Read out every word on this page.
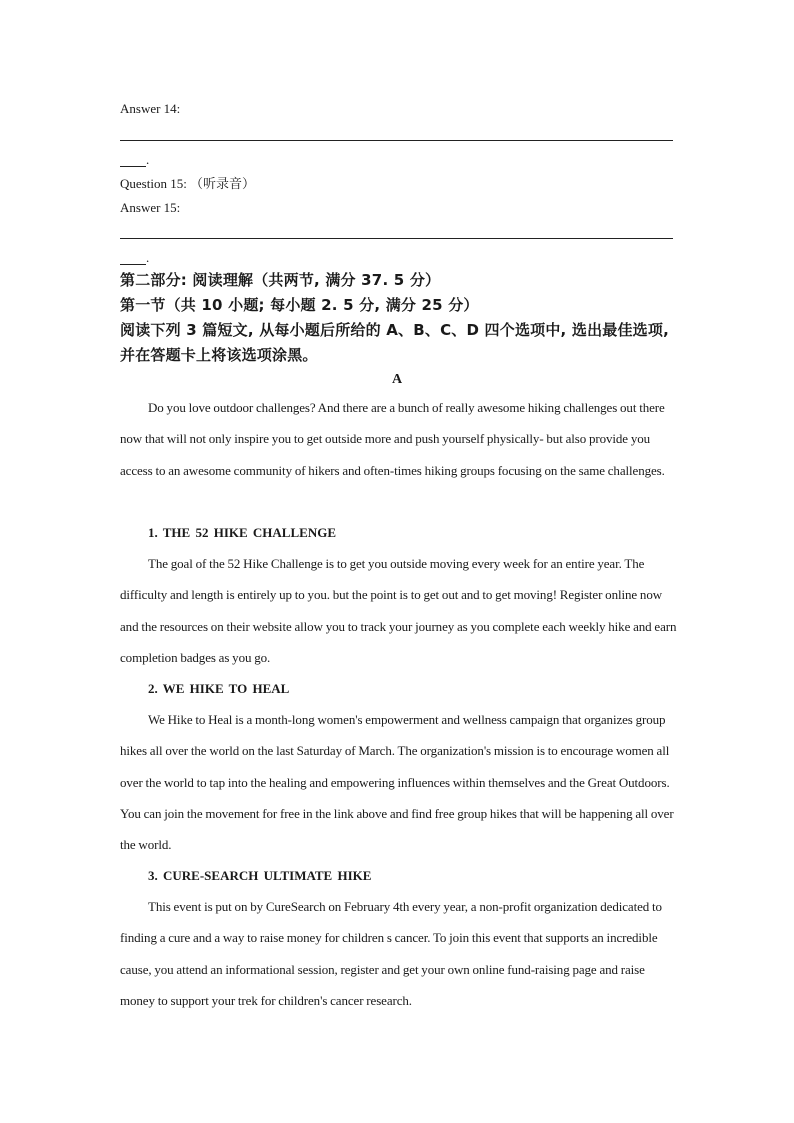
Answer 14:
.
Question 15: （听录音）
Answer 15:
.
第二部分: 阅读理解（共两节, 满分 37. 5 分）
第一节（共 10 小题; 每小题 2. 5 分, 满分 25 分）
阅读下列 3 篇短文, 从每小题后所给的 A、B、C、D 四个选项中, 选出最佳选项, 并在答题卡上将该选项涂黑。
A
Do you love outdoor challenges? And there are a bunch of really awesome hiking challenges out there now that will not only inspire you to get outside more and push yourself physically- but also provide you access to an awesome community of hikers and often-times hiking groups focusing on the same challenges.
1. THE 52 HIKE CHALLENGE
The goal of the 52 Hike Challenge is to get you outside moving every week for an entire year. The difficulty and length is entirely up to you. but the point is to get out and to get moving! Register online now and the resources on their website allow you to track your journey as you complete each weekly hike and earn completion badges as you go.
2. WE HIKE TO HEAL
We Hike to Heal is a month-long women's empowerment and wellness campaign that organizes group hikes all over the world on the last Saturday of March. The organization's mission is to encourage women all over the world to tap into the healing and empowering influences within themselves and the Great Outdoors. You can join the movement for free in the link above and find free group hikes that will be happening all over the world.
3. CURE-SEARCH ULTIMATE HIKE
This event is put on by CureSearch on February 4th every year, a non-profit organization dedicated to finding a cure and a way to raise money for children s cancer. To join this event that supports an incredible cause, you attend an informational session, register and get your own online fund-raising page and raise money to support your trek for children's cancer research.
